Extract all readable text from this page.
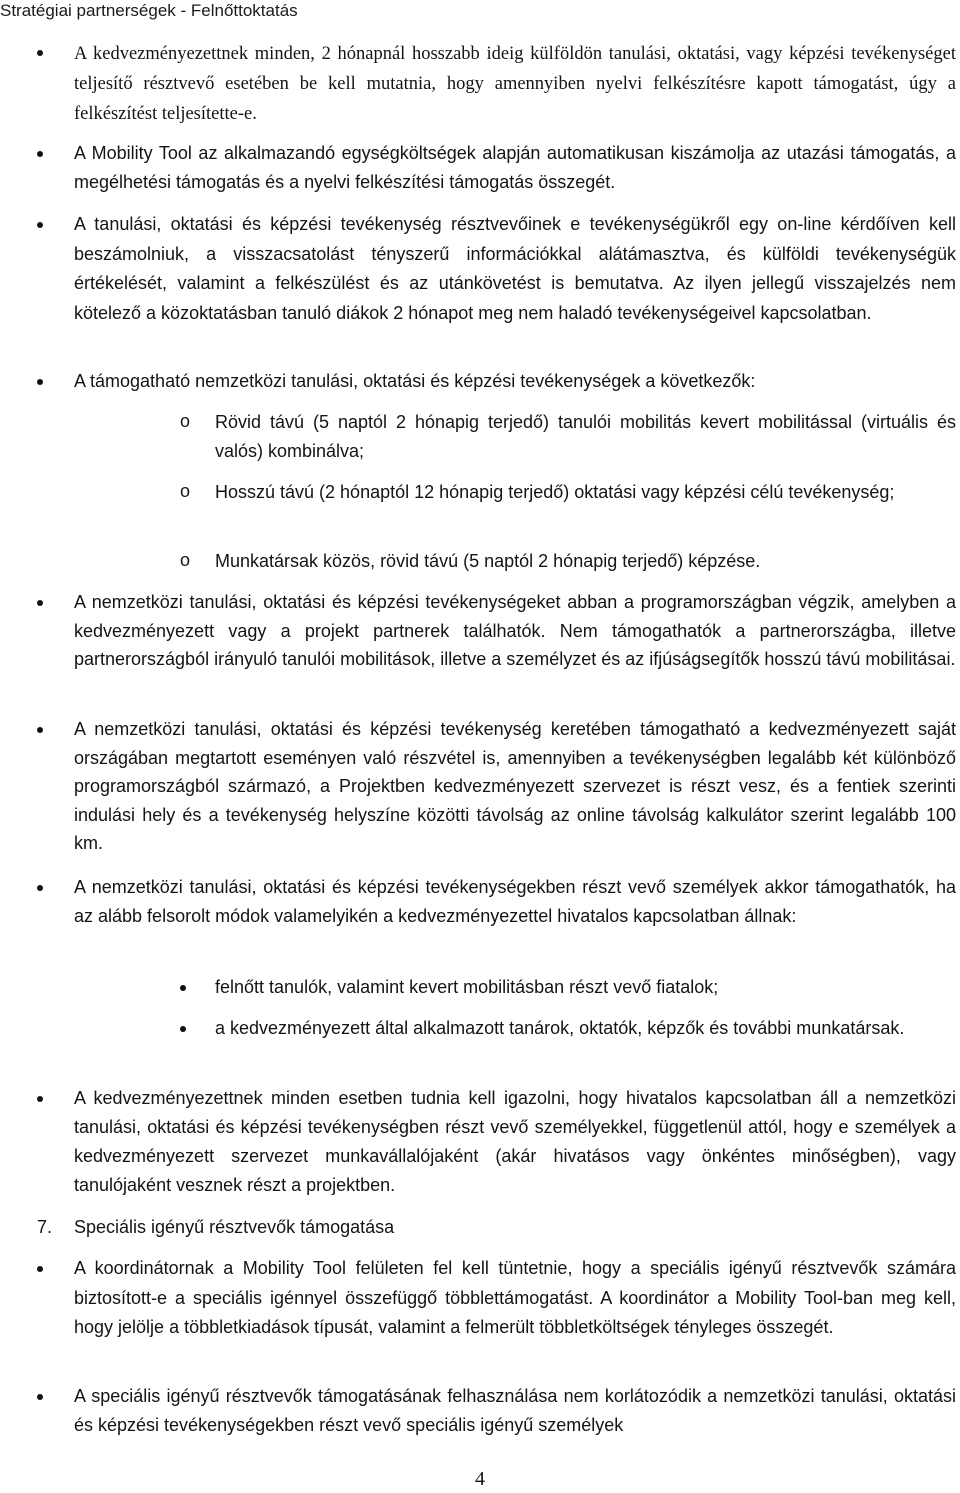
Stratégiai partnerségek - Felnőttoktatás
A kedvezményezettnek minden, 2 hónapnál hosszabb ideig külföldön tanulási, oktatási, vagy képzési tevékenységet teljesítő résztvevő esetében be kell mutatnia, hogy amennyiben nyelvi felkészítésre kapott támogatást, úgy a felkészítést teljesítette-e.
A Mobility Tool az alkalmazandó egységköltségek alapján automatikusan kiszámolja az utazási támogatás, a megélhetési támogatás és a nyelvi felkészítési támogatás összegét.
A tanulási, oktatási és képzési tevékenység résztvevőinek e tevékenységükről egy on-line kérdőíven kell beszámolniuk, a visszacsatolást tényszerű információkkal alátámasztva, és külföldi tevékenységük értékelését, valamint a felkészülést és az utánkövetést is bemutatva. Az ilyen jellegű visszajelzés nem kötelező a közoktatásban tanuló diákok 2 hónapot meg nem haladó tevékenységeivel kapcsolatban.
A támogatható nemzetközi tanulási, oktatási és képzési tevékenységek a következők:
o Rövid távú (5 naptól 2 hónapig terjedő) tanulói mobilitás kevert mobilitással (virtuális és valós) kombinálva;
o Hosszú távú (2 hónaptól 12 hónapig terjedő) oktatási vagy képzési célú tevékenység;
o Munkatársak közös, rövid távú (5 naptól 2 hónapig terjedő) képzése.
A nemzetközi tanulási, oktatási és képzési tevékenységeket abban a programországban végzik, amelyben a kedvezményezett vagy a projekt partnerek találhatók. Nem támogathatók a partnerországba, illetve partnerországból irányuló tanulói mobilitások, illetve a személyzet és az ifjúságsegítők hosszú távú mobilitásai.
A nemzetközi tanulási, oktatási és képzési tevékenység keretében támogatható a kedvezményezett saját országában megtartott eseményen való részvétel is, amennyiben a tevékenységben legalább két különböző programországból származó, a Projektben kedvezményezett szervezet is részt vesz, és a fentiek szerinti indulási hely és a tevékenység helyszíne közötti távolság az online távolság kalkulátor szerint legalább 100 km.
A nemzetközi tanulási, oktatási és képzési tevékenységekben részt vevő személyek akkor támogathatók, ha az alább felsorolt módok valamelyikén a kedvezményezettel hivatalos kapcsolatban állnak:
felnőtt tanulók, valamint kevert mobilitásban részt vevő fiatalok;
a kedvezményezett által alkalmazott tanárok, oktatók, képzők és további munkatársak.
A kedvezményezettnek minden esetben tudnia kell igazolni, hogy hivatalos kapcsolatban áll a nemzetközi tanulási, oktatási és képzési tevékenységben részt vevő személyekkel, függetlenül attól, hogy e személyek a kedvezményezett szervezet munkavállalójaként (akár hivatásos vagy önkéntes minőségben), vagy tanulójaként vesznek részt a projektben.
7. Speciális igényű résztvevők támogatása
A koordinátornak a Mobility Tool felületen fel kell tüntetnie, hogy a speciális igényű résztvevők számára biztosított-e a speciális igénnyel összefüggő többlettámogatást. A koordinátor a Mobility Tool-ban meg kell, hogy jelölje a többletkiadások típusát, valamint a felmerült többletköltségek tényleges összegét.
A speciális igényű résztvevők támogatásának felhasználása nem korlátozódik a nemzetközi tanulási, oktatási és képzési tevékenységekben részt vevő speciális igényű személyek
4
